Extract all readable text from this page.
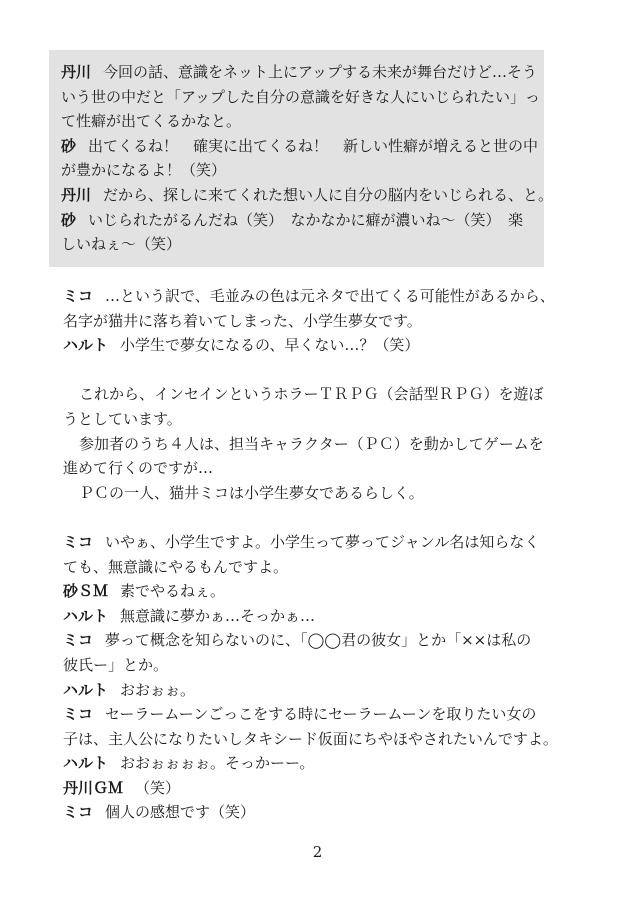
丹川 今回の話、意識をネット上にアップする未来が舞台だけど…そう

いう世の中だと「アップした自分の意識を好きな人にいじられたい」っ

て性癖が出てくるかなと。

砂 出てくるね！　確実に出てくるね！　新しい性癖が増えると世の中

が豊かになるよ！（笑）

丹川 だから、探しに来てくれた想い人に自分の脳内をいじられる、と。

砂 いじられたがるんだね（笑）　なかなかに癖が濃いね〜（笑）　楽

しいねぇ〜（笑）

ミコ …という訳で、毛並みの色は元ネタで出てくる可能性があるから、

名字が猫井に落ち着いてしまった、小学生夢女です。

ハルト 小学生で夢女になるの、早くない…？（笑）

これから、インセインというホラーＴＲＰＧ（会話型ＲＰＧ）を遊ぼ

うとしています。

参加者のうち４人は、担当キャラクター（ＰＣ）を動かしてゲームを

進めて行くのですが…

ＰＣの一人、猫井ミコは小学生夢女であるらしく。

ミコ いやぁ、小学生ですよ。小学生って夢ってジャンル名は知らなく

ても、無意識にやるもんですよ。

砂ＳＭ 素でやるねぇ。

ハルト 無意識に夢かぁ…そっかぁ…

ミコ 夢って概念を知らないのに、「◯◯君の彼女」とか「××は私の

彼氏ー」とか。

ハルト おおぉぉ。

ミコ セーラームーンごっこをする時にセーラームーンを取りたい女の

子は、主人公になりたいしタキシード仮面にちやほやされたいんですよ。

ハルト おおぉぉぉぉ。そっかーー。

丹川ＧＭ （笑）

ミコ 個人の感想です（笑）

2
